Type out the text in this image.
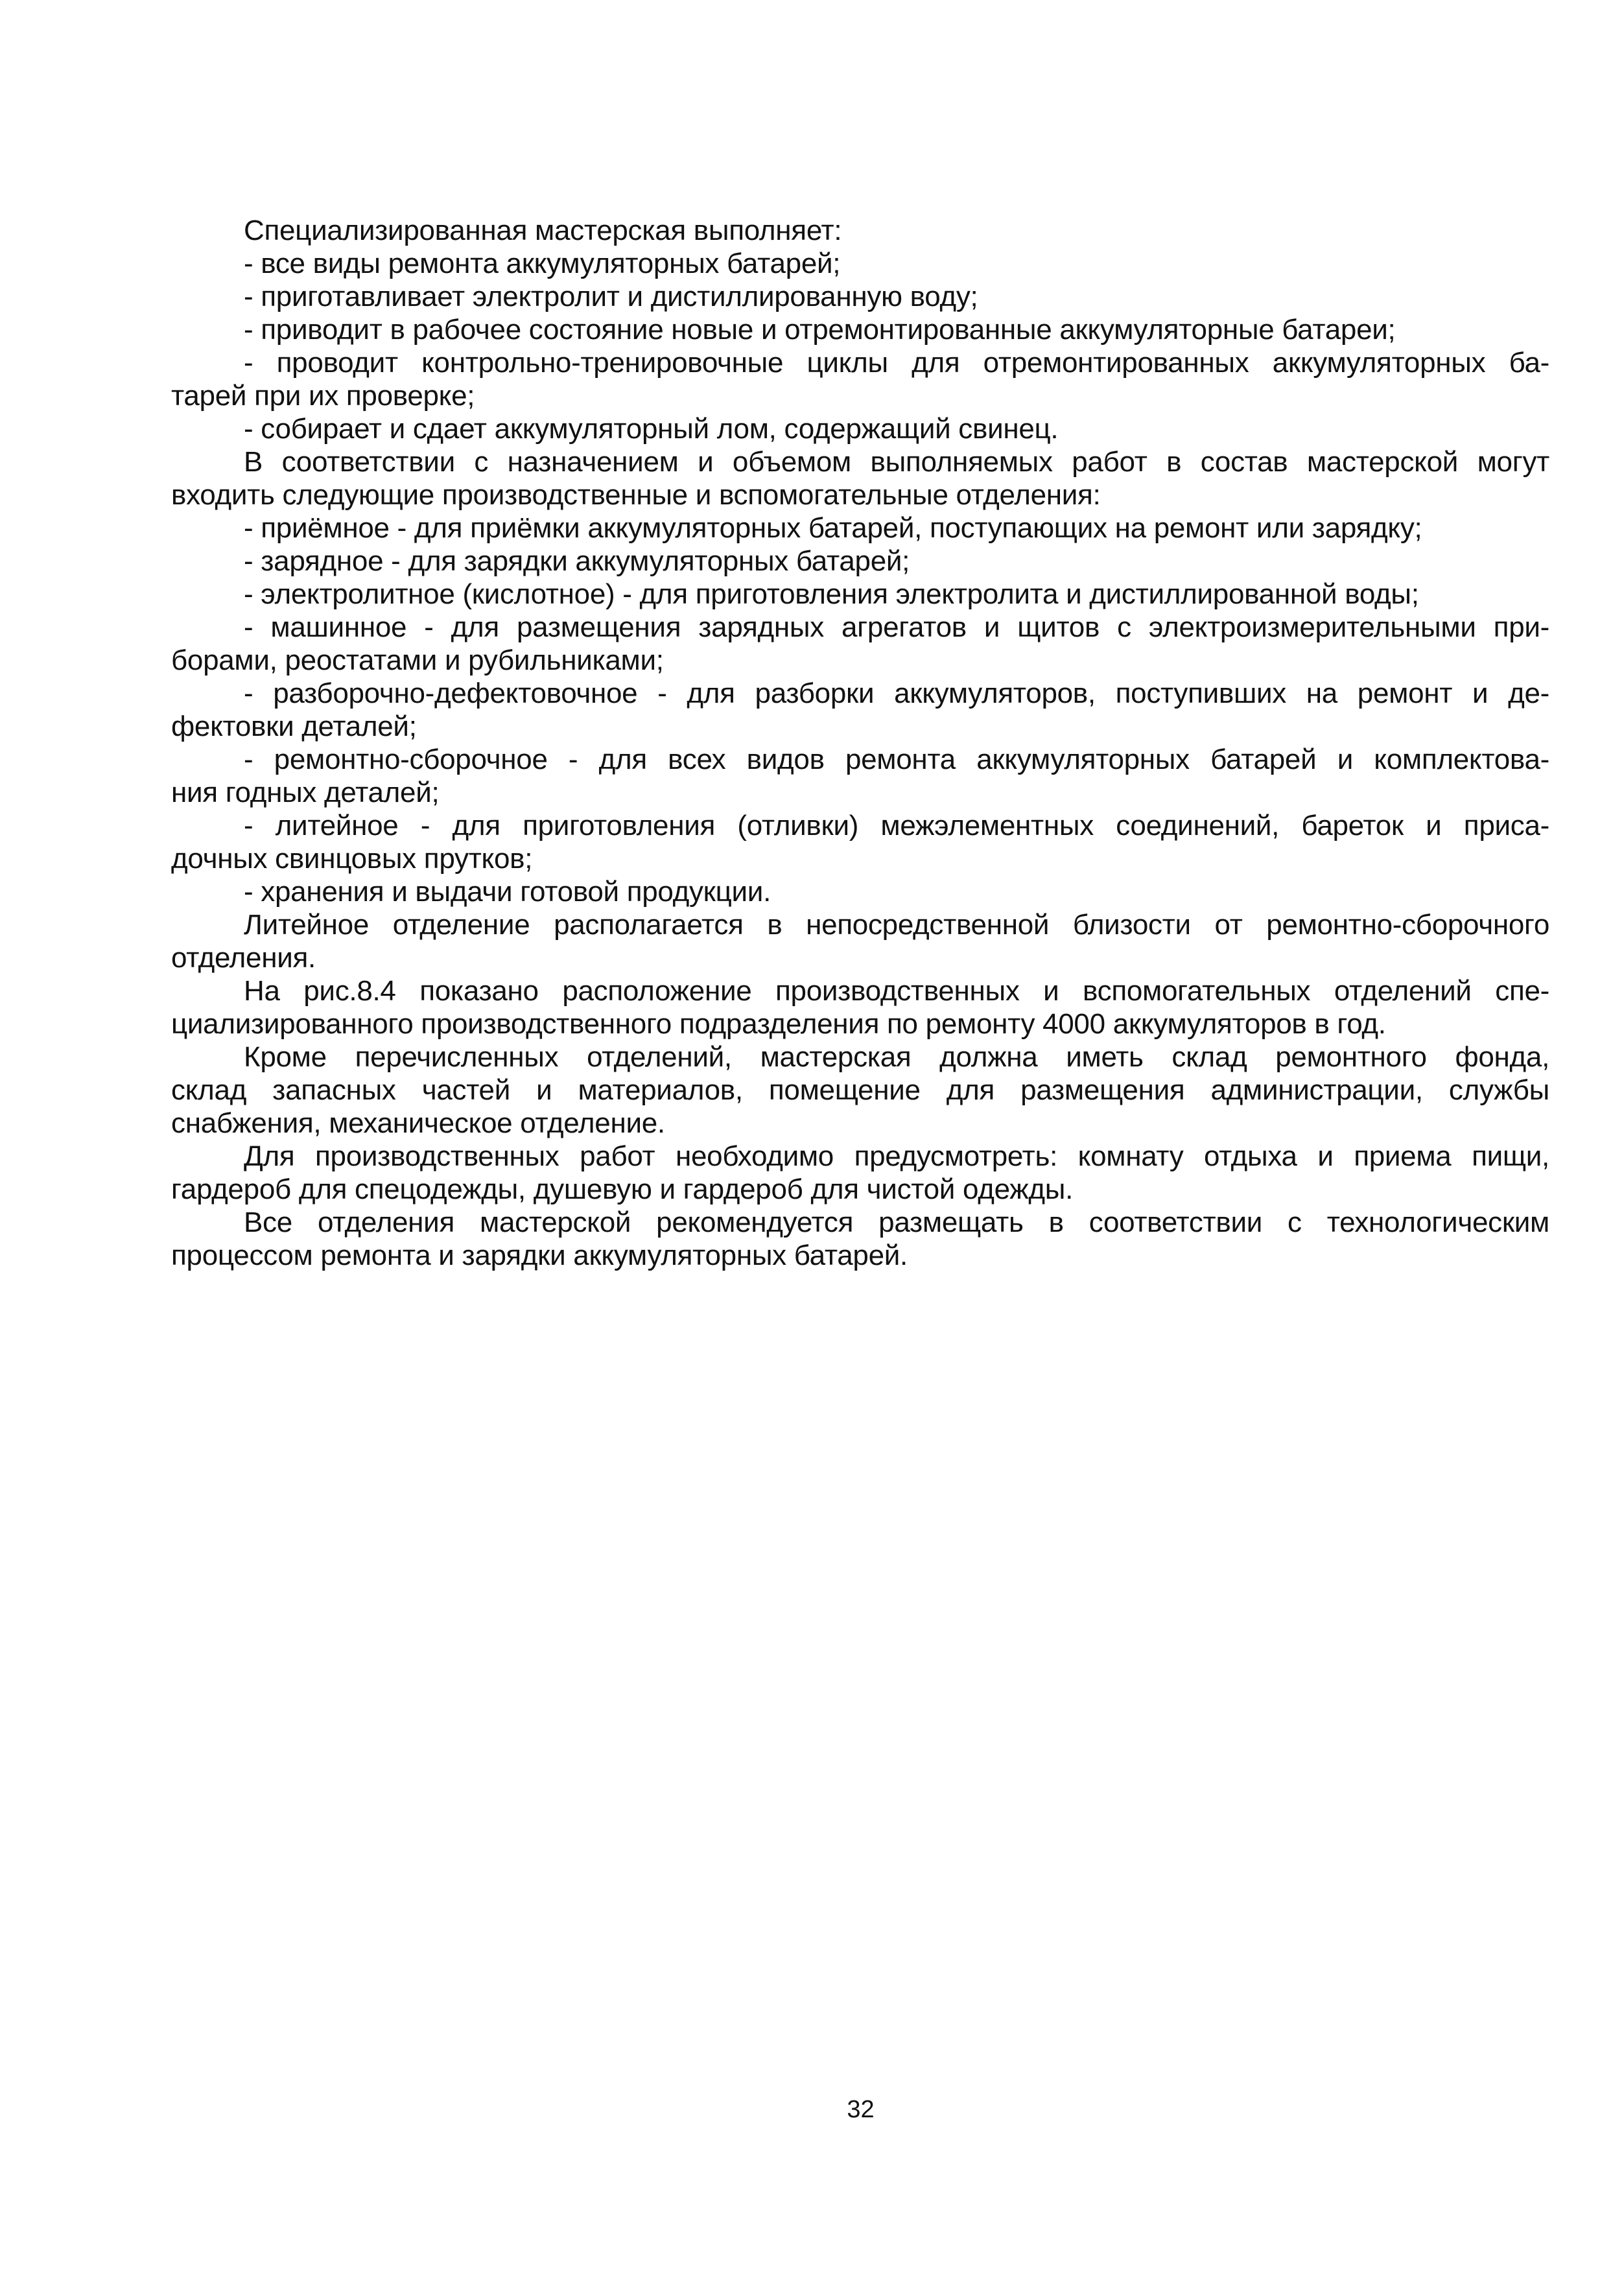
Специализированная мастерская выполняет:
- все виды ремонта аккумуляторных батарей;
- приготавливает электролит и дистиллированную воду;
- приводит в рабочее состояние новые и отремонтированные аккумуляторные батареи;
- проводит контрольно-тренировочные циклы для отремонтированных аккумуляторных ба-
тарей при их проверке;
- собирает и сдает аккумуляторный лом, содержащий свинец.
В соответствии с назначением и объемом выполняемых работ в состав мастерской могут
входить следующие производственные и вспомогательные отделения:
- приёмное - для приёмки аккумуляторных батарей, поступающих на ремонт или зарядку;
- зарядное - для зарядки аккумуляторных батарей;
- электролитное (кислотное) - для приготовления электролита и дистиллированной воды;
- машинное - для размещения зарядных агрегатов и щитов с электроизмерительными при-
борами, реостатами и рубильниками;
- разборочно-дефектовочное - для разборки аккумуляторов, поступивших на ремонт и де-
фектовки деталей;
- ремонтно-сборочное - для всех видов ремонта аккумуляторных батарей и комплектова-
ния годных деталей;
- литейное - для приготовления (отливки) межэлементных соединений, бареток и приса-
дочных свинцовых прутков;
- хранения и выдачи готовой продукции.
Литейное отделение располагается в непосредственной близости от ремонтно-сборочного
отделения.
На рис.8.4 показано расположение производственных и вспомогательных отделений спе-
циализированного производственного подразделения по ремонту 4000 аккумуляторов в год.
Кроме перечисленных отделений, мастерская должна иметь склад ремонтного фонда,
склад запасных частей и материалов, помещение для размещения администрации, службы
снабжения, механическое отделение.
Для производственных работ необходимо предусмотреть: комнату отдыха и приема пищи,
гардероб для спецодежды, душевую и гардероб для чистой одежды.
Все отделения мастерской рекомендуется размещать в соответствии с технологическим
процессом ремонта и зарядки аккумуляторных батарей.
32
